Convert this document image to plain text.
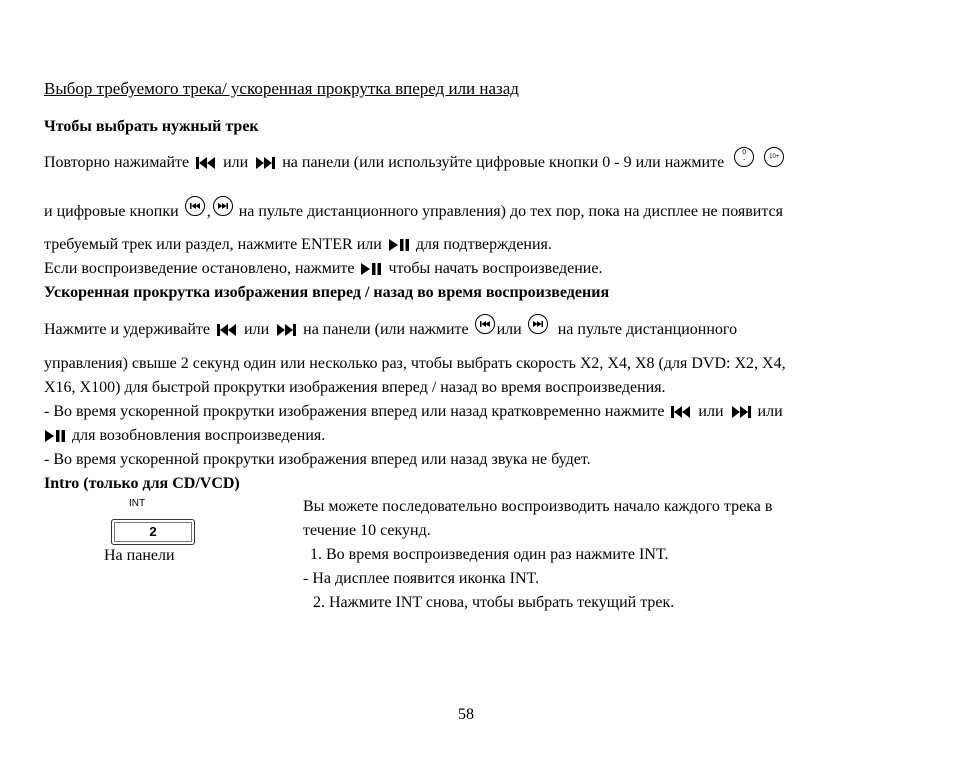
Выбор требуемого трека/ ускоренная прокрутка вперед или назад
Чтобы выбрать нужный трек
Повторно нажимайте или на панели (или используйте цифровые кнопки 0 - 9 или нажмите
0
-
	10+
и цифровые кнопки , на пульте дистанционного управления) до тех пор, пока на дисплее не появится
требуемый трек или раздел, нажмите ENTER или для подтверждения.
Если воспроизведение остановлено, нажмите чтобы начать воспроизведение.
Ускоренная прокрутка изображения вперед / назад во время воспроизведения
Нажмите и удерживайте или на панели (или нажмите или на пульте дистанционного
управления) свыше 2 секунд один или несколько раз, чтобы выбрать скорость X2, X4, X8 (для DVD: X2, X4,
X16, X100) для быстрой прокрутки изображения вперед / назад во время воспроизведения.
- Во время ускоренной прокрутки изображения вперед или назад кратковременно нажмите или или
для возобновления воспроизведения.
- Во время ускоренной прокрутки изображения вперед или назад звука не будет.
Intro (только для CD/VCD)
INT
2
На панели
Вы можете последовательно воспроизводить начало каждого трека в
течение 10 секунд.
1. Во время воспроизведения один раз нажмите INT.
- На дисплее появится иконка INT.
2. Нажмите INT снова, чтобы выбрать текущий трек.
58
